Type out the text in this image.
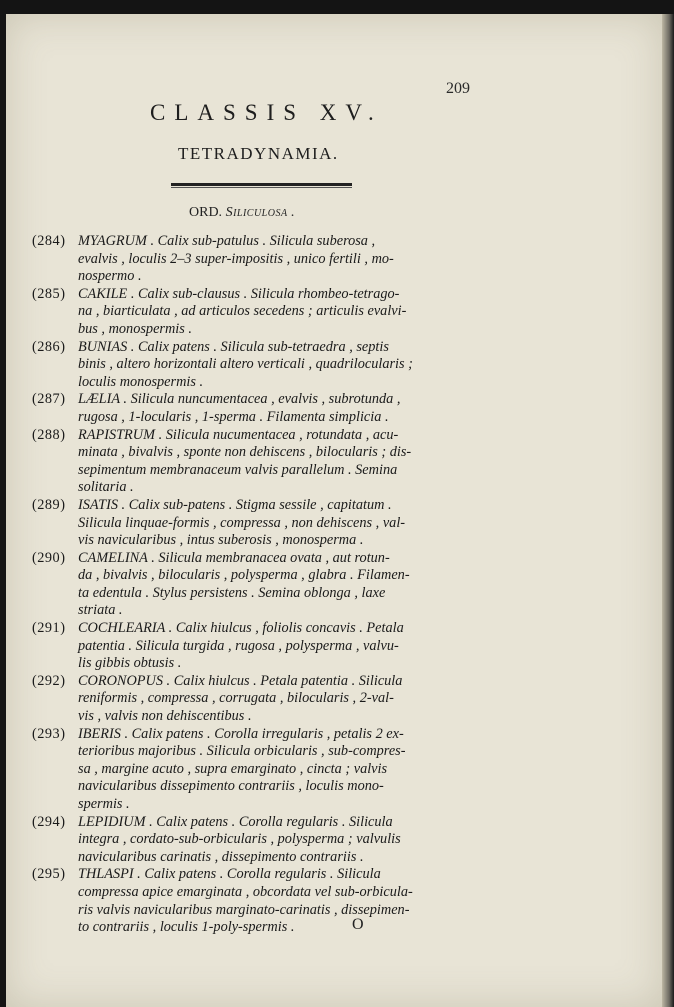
209
CLASSIS XV.
TETRADYNAMIA.
ORD. Siliculosa .
(284) MYAGRUM . Calix sub-patulus . Silicula suberosa ,
evalvis , loculis 2–3 super-impositis , unico fertili , mo-
nospermo .
(285) CAKILE . Calix sub-clausus . Silicula rhombeo-tetrago-
na , biarticulata , ad articulos secedens ; articulis evalvi-
bus , monospermis .
(286) BUNIAS . Calix patens . Silicula sub-tetraedra , septis
binis , altero horizontali altero verticali , quadrilocularis ;
loculis monospermis .
(287) LÆLIA . Silicula nuncumentacea , evalvis , subrotunda ,
rugosa , 1-locularis , 1-sperma . Filamenta simplicia .
(288) RAPISTRUM . Silicula nucumentacea , rotundata , acu-
minata , bivalvis , sponte non dehiscens , bilocularis ; dis-
sepimentum membranaceum valvis parallelum . Semina
solitaria .
(289) ISATIS . Calix sub-patens . Stigma sessile , capitatum .
Silicula linquae-formis , compressa , non dehiscens , val-
vis navicularibus , intus suberosis , monosperma .
(290) CAMELINA . Silicula membranacea ovata , aut rotun-
da , bivalvis , bilocularis , polysperma , glabra . Filamen-
ta edentula . Stylus persistens . Semina oblonga , laxe
striata .
(291) COCHLEARIA . Calix hiulcus , foliolis concavis . Petala
patentia . Silicula turgida , rugosa , polysperma , valvu-
lis gibbis obtusis .
(292) CORONOPUS . Calix hiulcus . Petala patentia . Silicula
reniformis , compressa , corrugata , bilocularis , 2-val-
vis , valvis non dehiscentibus .
(293) IBERIS . Calix patens . Corolla irregularis , petalis 2 ex-
terioribus majoribus . Silicula orbicularis , sub-compres-
sa , margine acuto , supra emarginato , cincta ; valvis
navicularibus dissepimento contrariis , loculis mono-
spermis .
(294) LEPIDIUM . Calix patens . Corolla regularis . Silicula
integra , cordato-sub-orbicularis , polysperma ; valvulis
navicularibus carinatis , dissepimento contrariis .
(295) THLASPI . Calix patens . Corolla regularis . Silicula
compressa apice emarginata , obcordata vel sub-orbicula-
ris valvis navicularibus marginato-carinatis , dissepimen-
to contrariis , loculis 1-poly-spermis .	O
